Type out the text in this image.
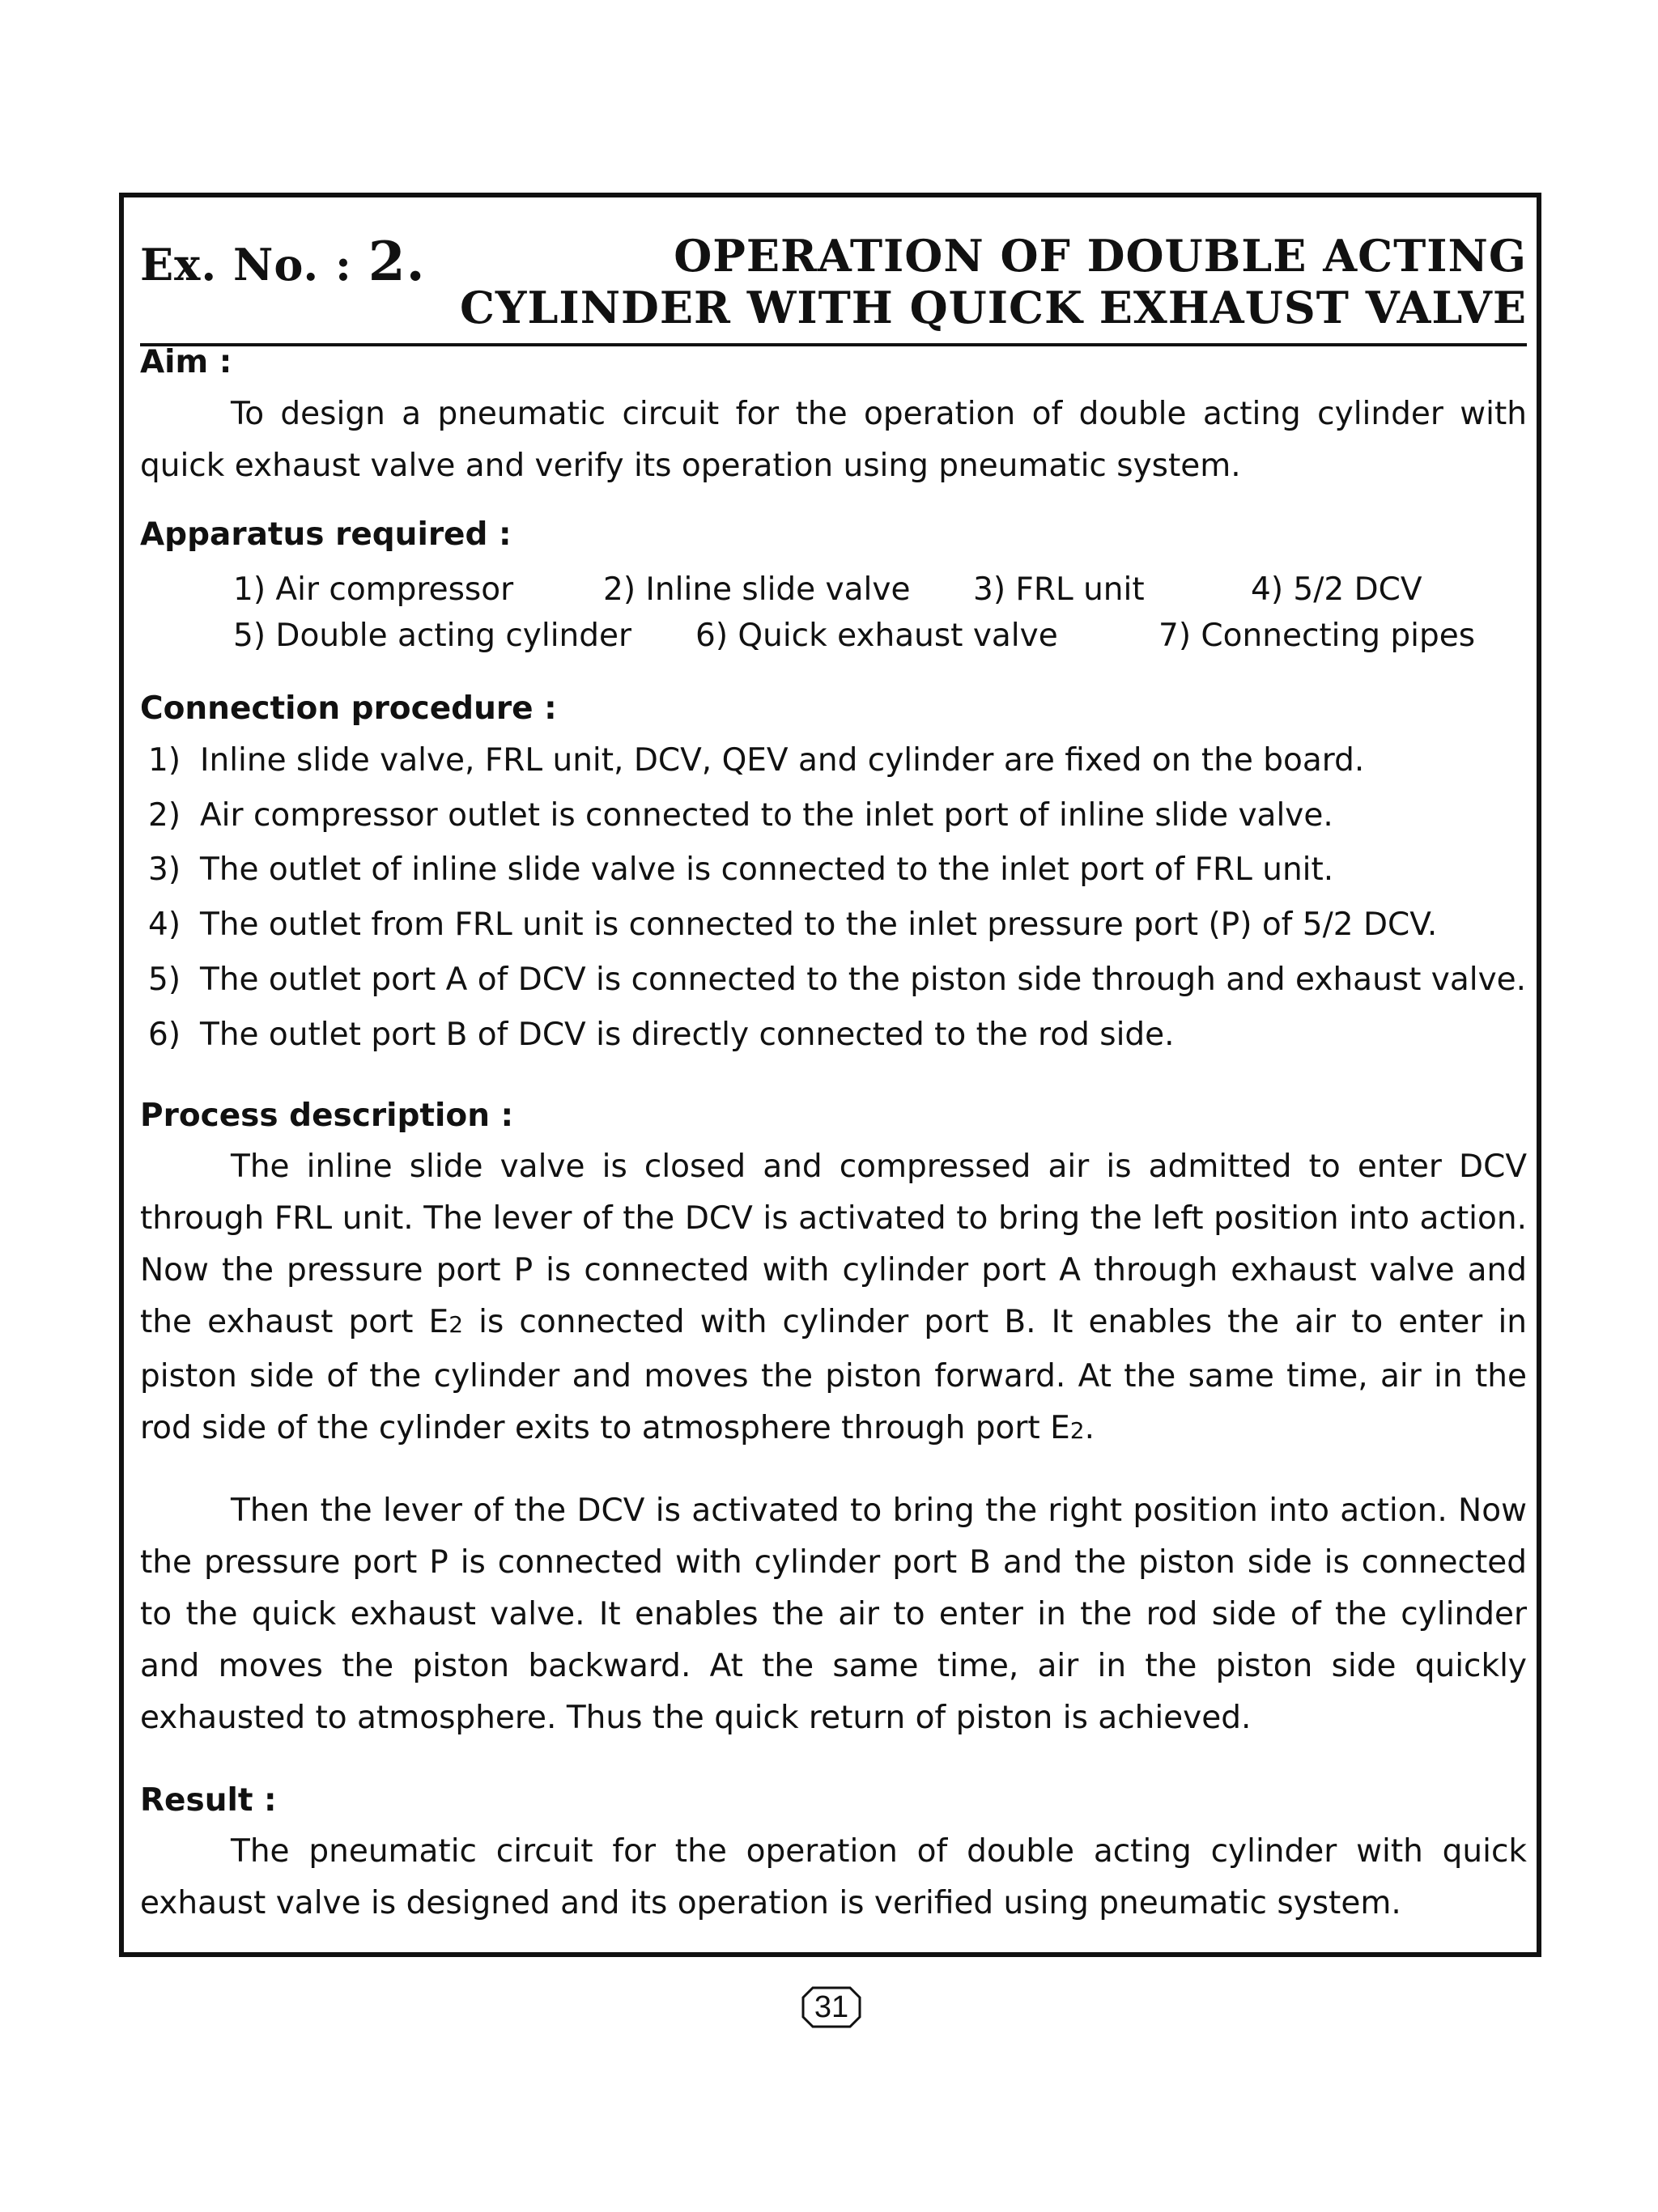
Ex. No. : 2.	OPERATION OF DOUBLE ACTING
CYLINDER WITH QUICK EXHAUST VALVE
Aim :
To design a pneumatic circuit for the operation of double acting cylinder with quick exhaust valve and verify its operation using pneumatic system.
Apparatus required :
1) Air compressor	2) Inline slide valve 3) FRL unit	4) 5/2 DCV
5) Double acting cylinder 6) Quick exhaust valve	7) Connecting pipes
Connection procedure :
1) Inline slide valve, FRL unit, DCV, QEV and cylinder are fixed on the board.
2) Air compressor outlet is connected to the inlet port of inline slide valve.
3) The outlet of inline slide valve is connected to the inlet port of FRL unit.
4) The outlet from FRL unit is connected to the inlet pressure port (P) of 5/2 DCV.
5) The outlet port A of DCV is connected to the piston side through and exhaust valve.
6) The outlet port B of DCV is directly connected to the rod side.
Process description :
The inline slide valve is closed and compressed air is admitted to enter DCV through FRL unit. The lever of the DCV is activated to bring the left position into action. Now the pressure port P is connected with cylinder port A through exhaust valve and the exhaust port E2 is connected with cylinder port B. It enables the air to enter in piston side of the cylinder and moves the piston forward. At the same time, air in the rod side of the cylinder exits to atmosphere through port E2.
Then the lever of the DCV is activated to bring the right position into action. Now the pressure port P is connected with cylinder port B and the piston side is connected to the quick exhaust valve. It enables the air to enter in the rod side of the cylinder and moves the piston backward. At the same time, air in the piston side quickly exhausted to atmosphere. Thus the quick return of piston is achieved.
Result :
The pneumatic circuit for the operation of double acting cylinder with quick exhaust valve is designed and its operation is verified using pneumatic system.
31
